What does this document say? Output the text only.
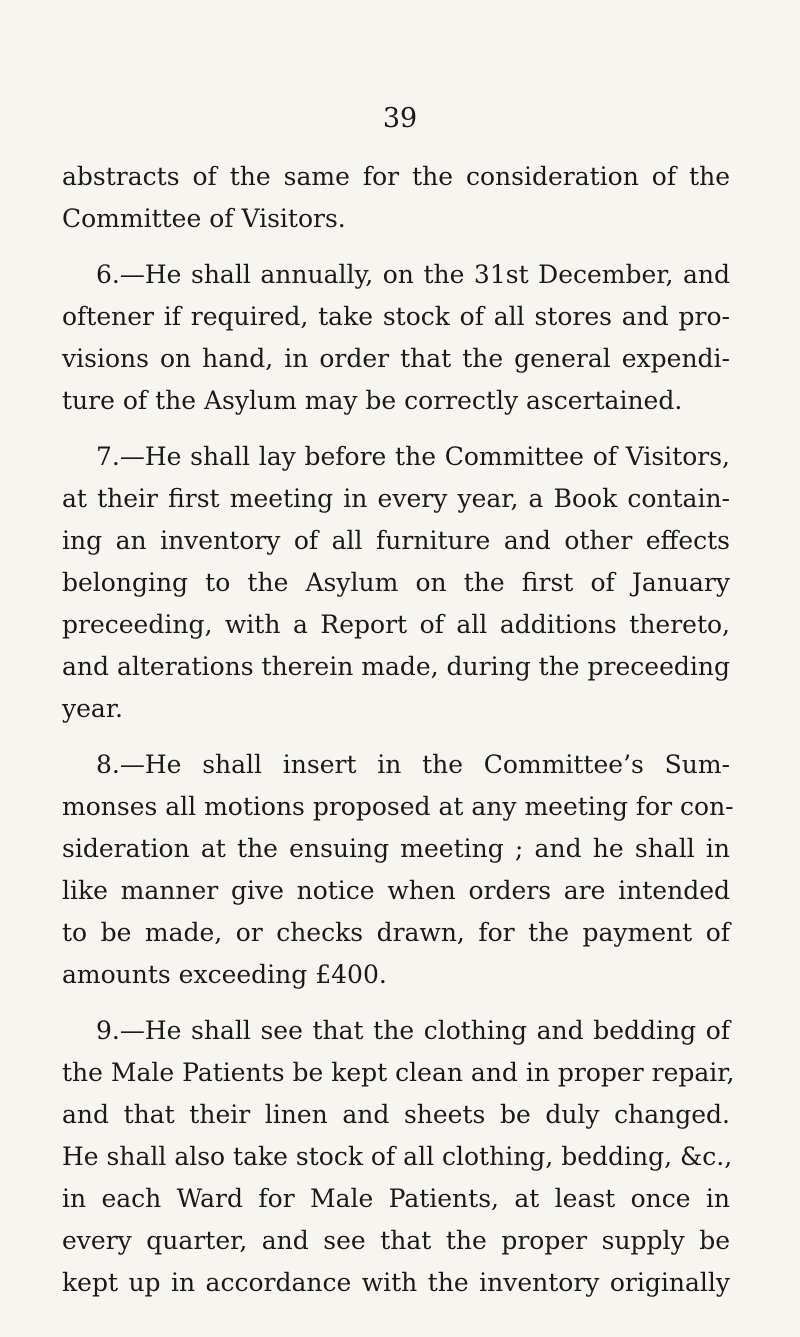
39
abstracts of the same for the consideration of the
Committee of Visitors.
6.—He shall annually, on the 31st December, and
oftener if required, take stock of all stores and pro-
visions on hand, in order that the general expendi-
ture of the Asylum may be correctly ascertained.
7.—He shall lay before the Committee of Visitors,
at their first meeting in every year, a Book contain-
ing an inventory of all furniture and other effects
belonging to the Asylum on the first of January
preceeding, with a Report of all additions thereto,
and alterations therein made, during the preceeding
year.
8.—He shall insert in the Committee’s Sum-
monses all motions proposed at any meeting for con-
sideration at the ensuing meeting ; and he shall in
like manner give notice when orders are intended
to be made, or checks drawn, for the payment of
amounts exceeding £400.
9.—He shall see that the clothing and bedding of
the Male Patients be kept clean and in proper repair,
and that their linen and sheets be duly changed.
He shall also take stock of all clothing, bedding, &c.,
in each Ward for Male Patients, at least once in
every quarter, and see that the proper supply be
kept up in accordance with the inventory originally
